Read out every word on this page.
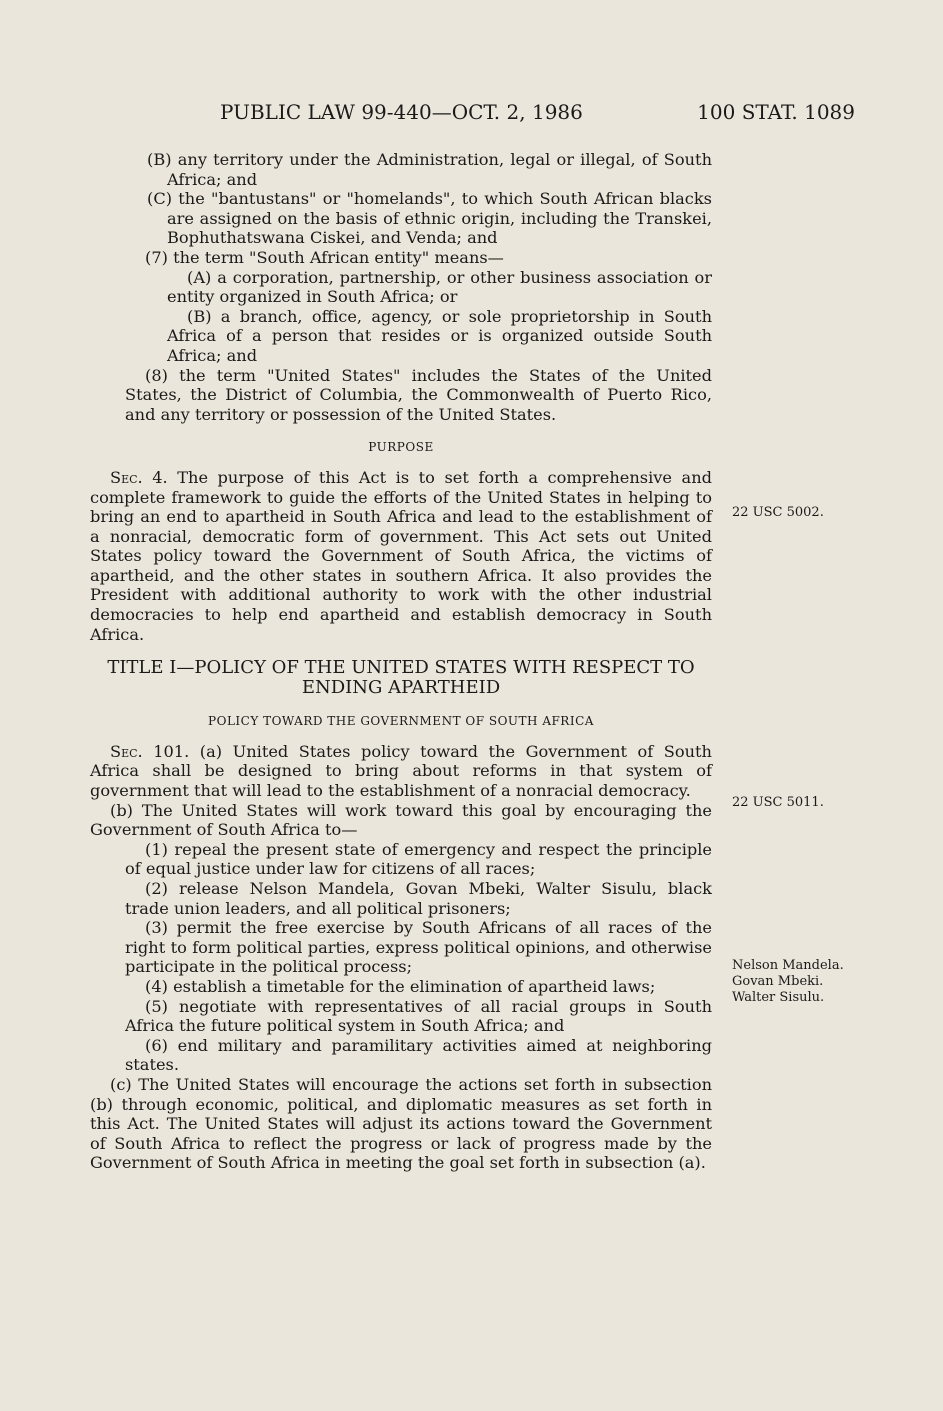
PUBLIC LAW 99-440—OCT. 2, 1986	100 STAT. 1089

(B) any territory under the Administration, legal or illegal, of South Africa; and

(C) the "bantustans" or "homelands", to which South African blacks are assigned on the basis of ethnic origin, including the Transkei, Bophuthatswana Ciskei, and Venda; and

(7) the term "South African entity" means—

(A) a corporation, partnership, or other business association or entity organized in South Africa; or

(B) a branch, office, agency, or sole proprietorship in South Africa of a person that resides or is organized outside South Africa; and

(8) the term "United States" includes the States of the United States, the District of Columbia, the Commonwealth of Puerto Rico, and any territory or possession of the United States.

PURPOSE

Sec. 4. The purpose of this Act is to set forth a comprehensive and complete framework to guide the efforts of the United States in helping to bring an end to apartheid in South Africa and lead to the establishment of a nonracial, democratic form of government. This Act sets out United States policy toward the Government of South Africa, the victims of apartheid, and the other states in southern Africa. It also provides the President with additional authority to work with the other industrial democracies to help end apartheid and establish democracy in South Africa.

TITLE I—POLICY OF THE UNITED STATES WITH RESPECT TO ENDING APARTHEID

POLICY TOWARD THE GOVERNMENT OF SOUTH AFRICA

Sec. 101. (a) United States policy toward the Government of South Africa shall be designed to bring about reforms in that system of government that will lead to the establishment of a nonracial democracy.

(b) The United States will work toward this goal by encouraging the Government of South Africa to—

(1) repeal the present state of emergency and respect the principle of equal justice under law for citizens of all races;

(2) release Nelson Mandela, Govan Mbeki, Walter Sisulu, black trade union leaders, and all political prisoners;

(3) permit the free exercise by South Africans of all races of the right to form political parties, express political opinions, and otherwise participate in the political process;

(4) establish a timetable for the elimination of apartheid laws;

(5) negotiate with representatives of all racial groups in South Africa the future political system in South Africa; and

(6) end military and paramilitary activities aimed at neighboring states.

(c) The United States will encourage the actions set forth in subsection (b) through economic, political, and diplomatic measures as set forth in this Act. The United States will adjust its actions toward the Government of South Africa to reflect the progress or lack of progress made by the Government of South Africa in meeting the goal set forth in subsection (a).

22 USC 5002.
22 USC 5011.
Nelson Mandela.
Govan Mbeki.
Walter Sisulu.
